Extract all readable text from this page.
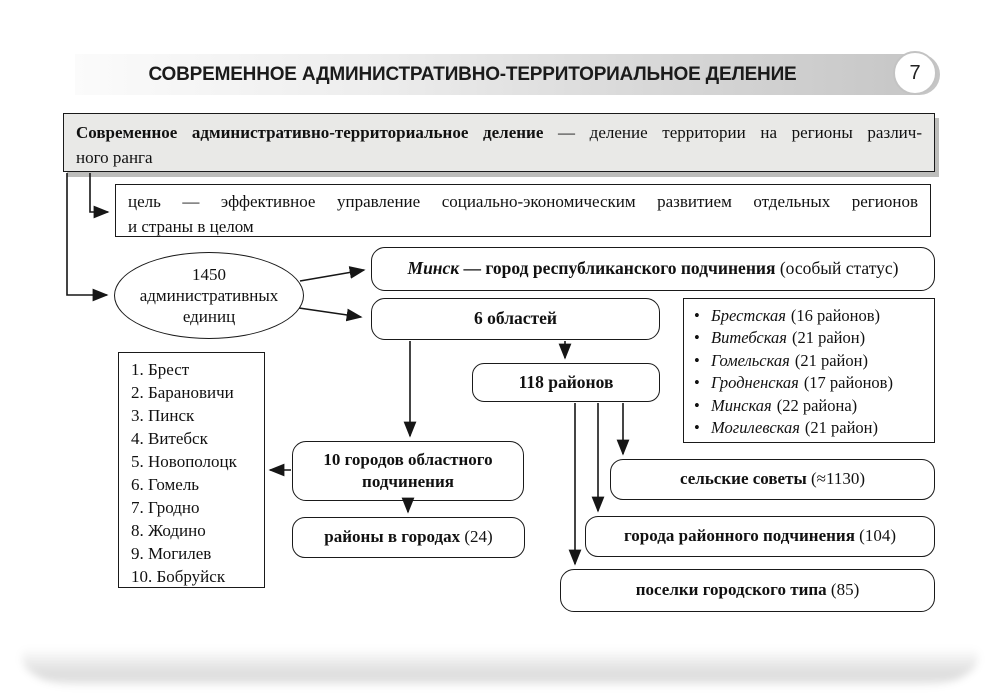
СОВРЕМЕННОЕ АДМИНИСТРАТИВНО-ТЕРРИТОРИАЛЬНОЕ ДЕЛЕНИЕ	7
Современное административно-территориальное деление — деление территории на регионы различ-
ного ранга
цель — эффективное управление социально-экономическим развитием отдельных регионов
и страны в целом
1450
административных
единиц
Минск — город республиканского подчинения (особый статус)
6 областей
118 районов
• Брестская (16 районов)
• Витебская (21 район)
• Гомельская (21 район)
• Гродненская (17 районов)
• Минская (22 района)
• Могилевская (21 район)
1. Брест
2. Барановичи
3. Пинск
4. Витебск
5. Новополоцк
6. Гомель
7. Гродно
8. Жодино
9. Могилев
10. Бобруйск
10 городов областного подчинения
районы в городах (24)
сельские советы (≈1130)
города районного подчинения (104)
поселки городского типа (85)
